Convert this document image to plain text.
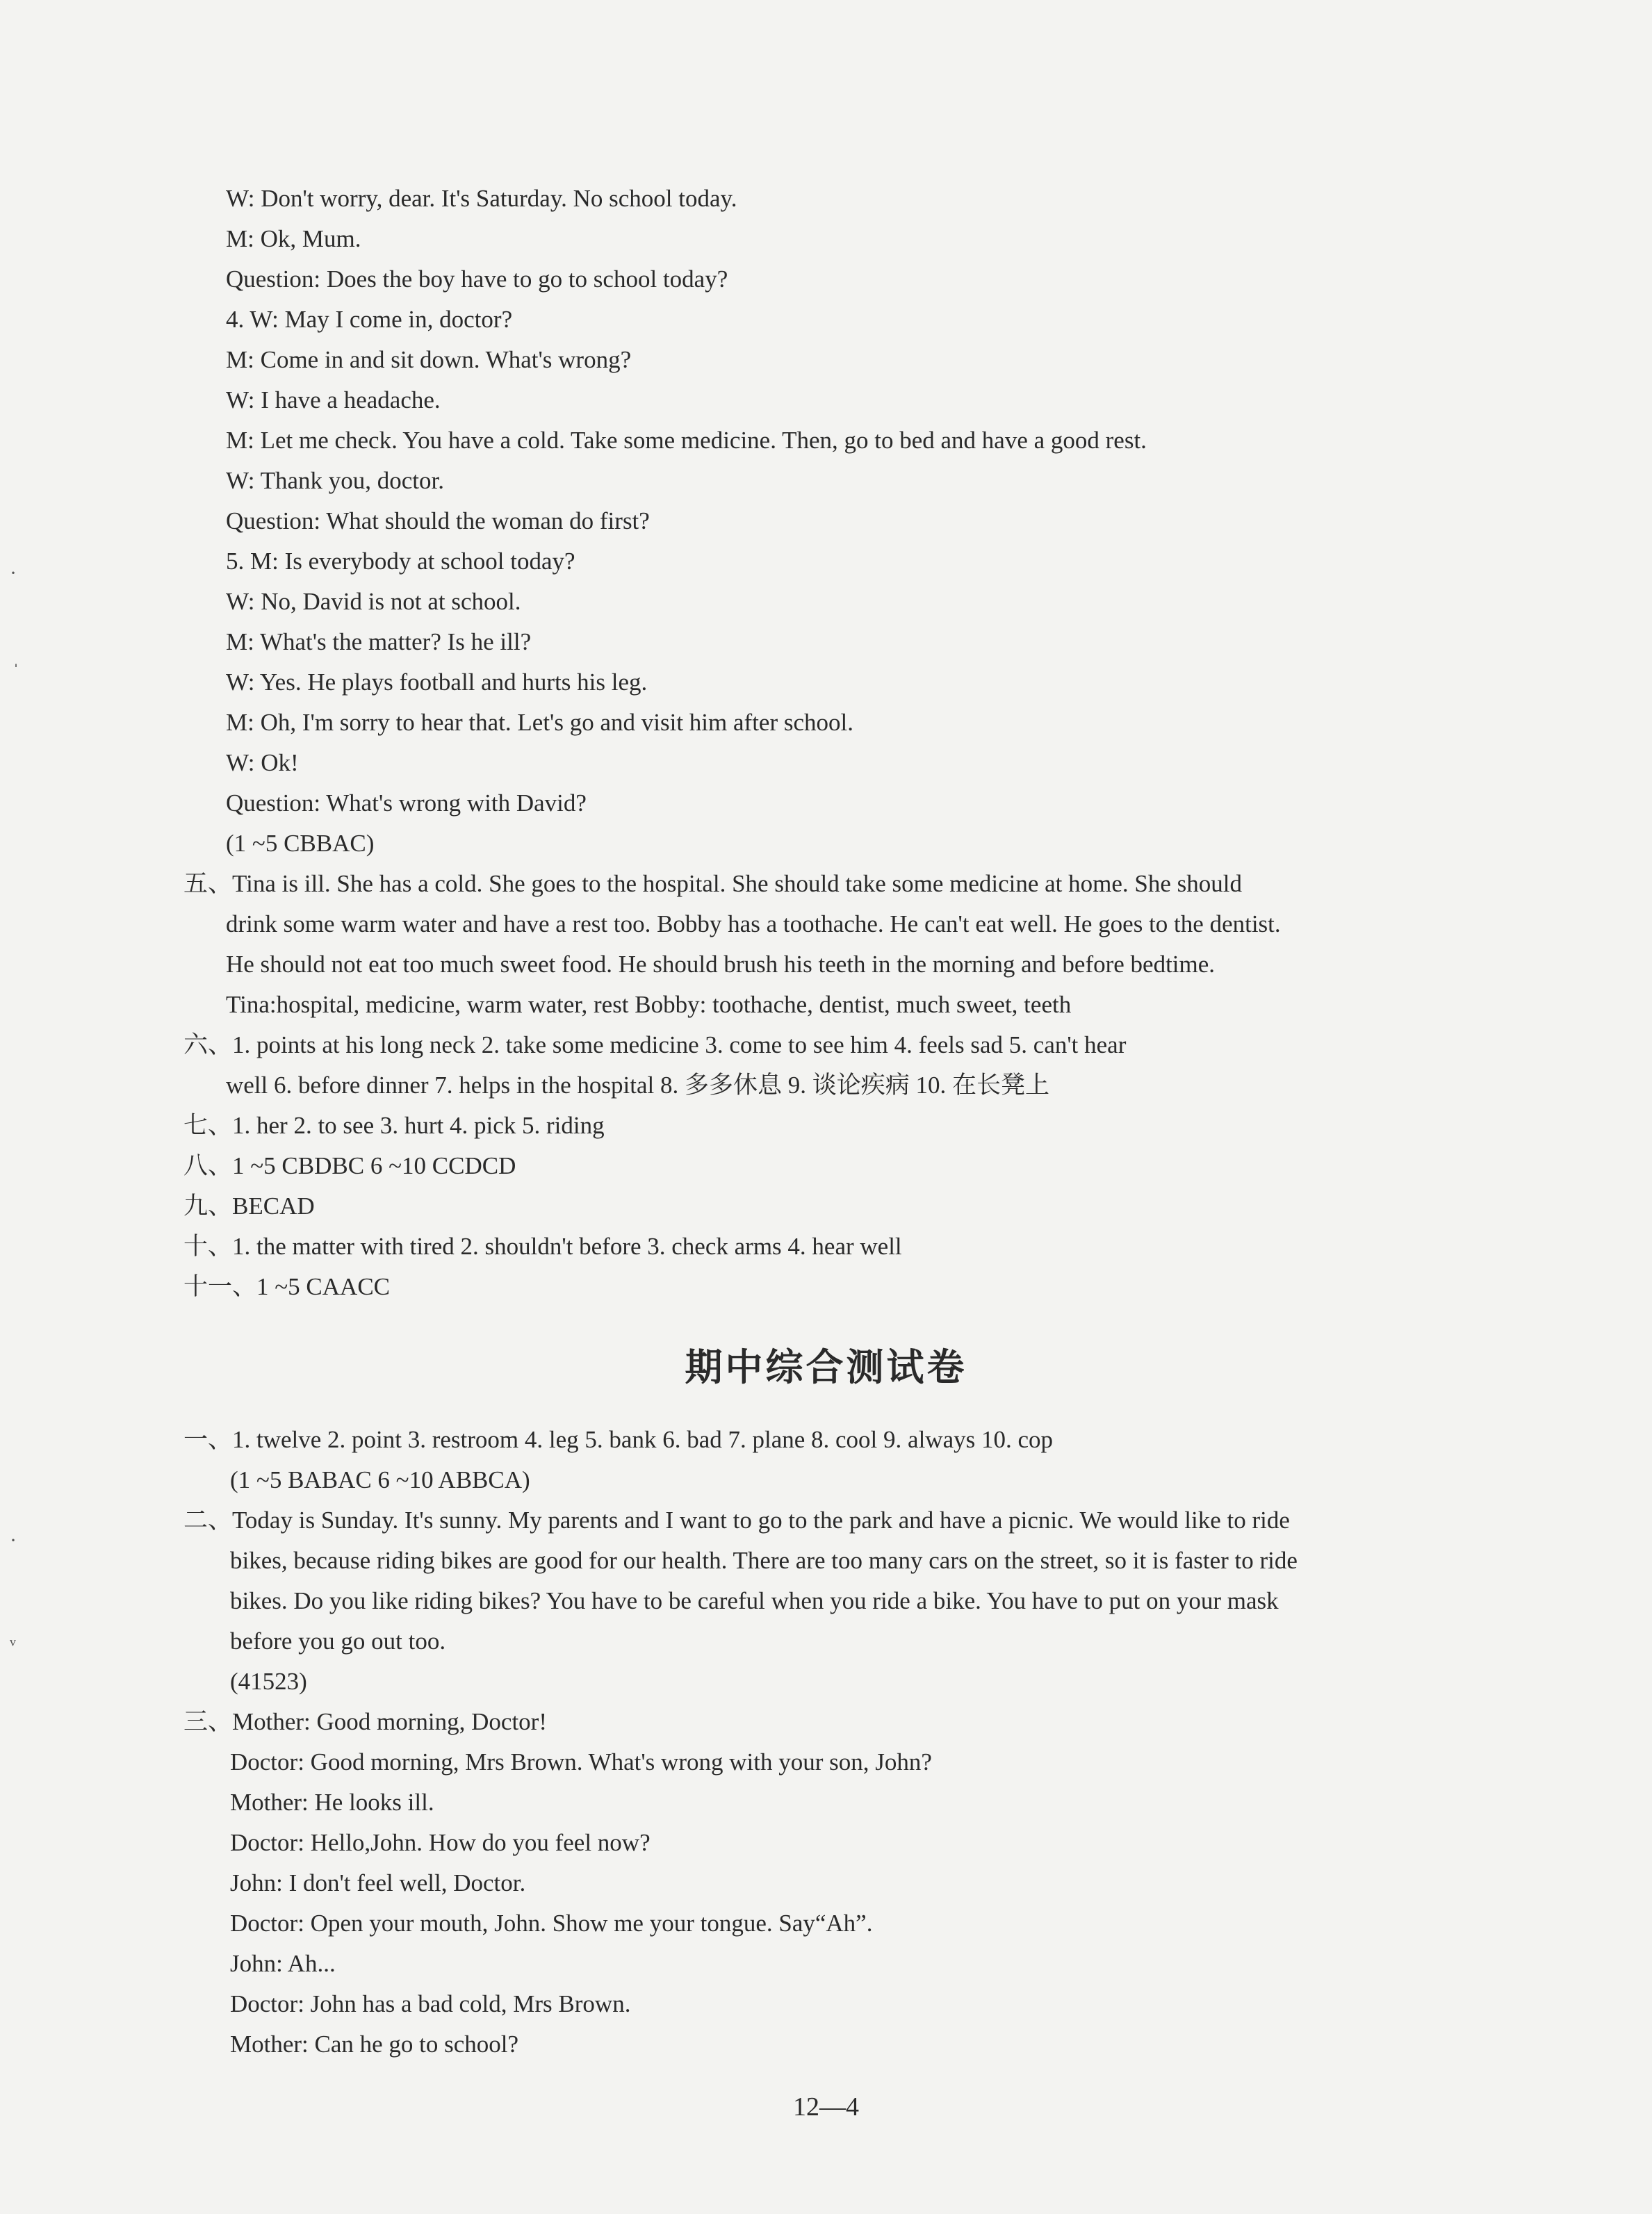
W: Don't worry, dear. It's Saturday. No school today.
M: Ok, Mum.
Question: Does the boy have to go to school today?
4. W: May I come in, doctor?
M: Come in and sit down. What's wrong?
W: I have a headache.
M: Let me check. You have a cold. Take some medicine. Then, go to bed and have a good rest.
W: Thank you, doctor.
Question: What should the woman do first?
5. M: Is everybody at school today?
W: No, David is not at school.
M: What's the matter? Is he ill?
W: Yes. He plays football and hurts his leg.
M: Oh, I'm sorry to hear that. Let's go and visit him after school.
W: Ok!
Question: What's wrong with David?
(1 ~5 CBBAC)
五、Tina is ill. She has a cold. She goes to the hospital. She should take some medicine at home. She should
drink some warm water and have a rest too. Bobby has a toothache. He can't eat well. He goes to the dentist.
He should not eat too much sweet food. He should brush his teeth in the morning and before bedtime.
Tina:hospital, medicine, warm water, rest Bobby: toothache, dentist, much sweet, teeth
六、1. points at his long neck 2. take some medicine 3. come to see him 4. feels sad 5. can't hear
well 6. before dinner 7. helps in the hospital 8. 多多休息 9. 谈论疾病 10. 在长凳上
七、1. her 2. to see 3. hurt 4. pick 5. riding
八、1 ~5 CBDBC 6 ~10 CCDCD
九、BECAD
十、1. the matter with tired 2. shouldn't before 3. check arms 4. hear well
十一、1 ~5 CAACC
期中综合测试卷
一、1. twelve 2. point 3. restroom 4. leg 5. bank 6. bad 7. plane 8. cool 9. always 10. cop
(1 ~5 BABAC 6 ~10 ABBCA)
二、Today is Sunday. It's sunny. My parents and I want to go to the park and have a picnic. We would like to ride
bikes, because riding bikes are good for our health. There are too many cars on the street, so it is faster to ride
bikes. Do you like riding bikes? You have to be careful when you ride a bike. You have to put on your mask
before you go out too.
(41523)
三、Mother: Good morning, Doctor!
Doctor: Good morning, Mrs Brown. What's wrong with your son, John?
Mother: He looks ill.
Doctor: Hello,John. How do you feel now?
John: I don't feel well, Doctor.
Doctor: Open your mouth, John. Show me your tongue. Say“Ah”.
John: Ah...
Doctor: John has a bad cold, Mrs Brown.
Mother: Can he go to school?
12—4
·
ˈ
·
ᵥ
